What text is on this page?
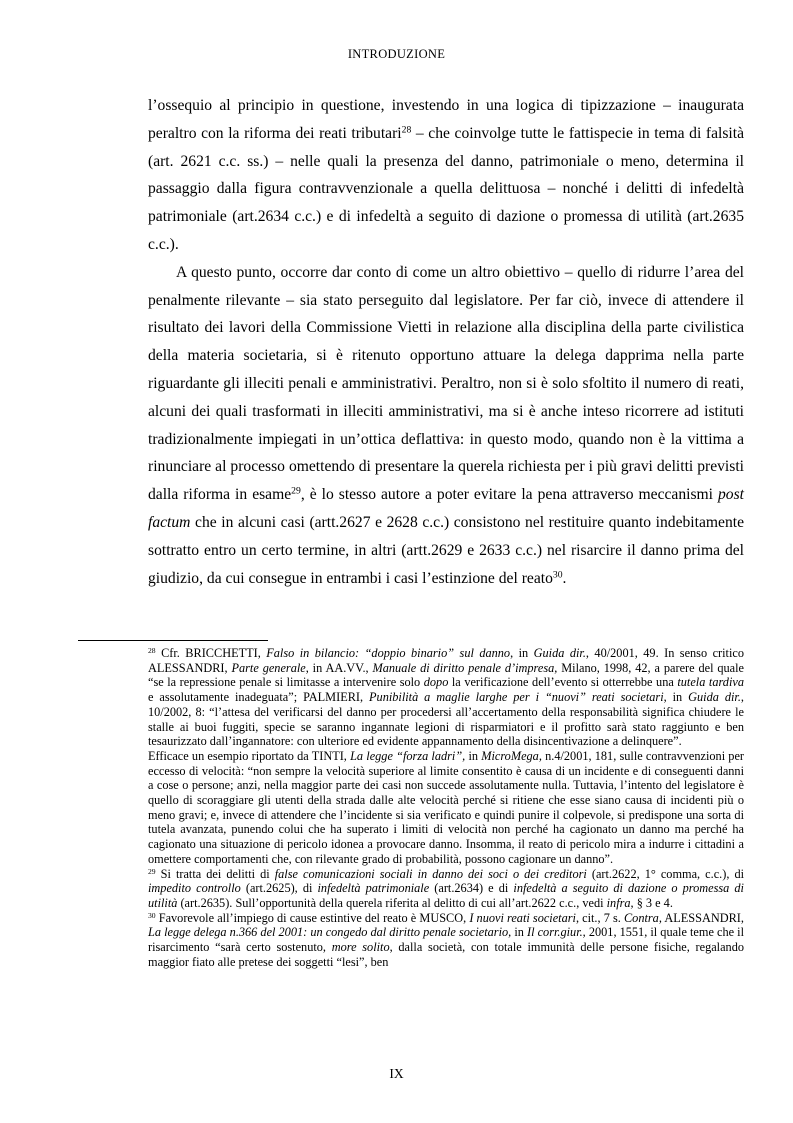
INTRODUZIONE

l’ossequio al principio in questione, investendo in una logica di tipizzazione – inaugurata peraltro con la riforma dei reati tributari$^{28}$ – che coinvolge tutte le fattispecie in tema di falsità (art. 2621 c.c. ss.) – nelle quali la presenza del danno, patrimoniale o meno, determina il passaggio dalla figura contravvenzionale a quella delittuosa – nonché i delitti di infedeltà patrimoniale (art.2634 c.c.) e di infedeltà a seguito di dazione o promessa di utilità (art.2635 c.c.).

A questo punto, occorre dar conto di come un altro obiettivo – quello di ridurre l’area del penalmente rilevante – sia stato perseguito dal legislatore. Per far ciò, invece di attendere il risultato dei lavori della Commissione Vietti in relazione alla disciplina della parte civilistica della materia societaria, si è ritenuto opportuno attuare la delega dapprima nella parte riguardante gli illeciti penali e amministrativi. Peraltro, non si è solo sfoltito il numero di reati, alcuni dei quali trasformati in illeciti amministrativi, ma si è anche inteso ricorrere ad istituti tradizionalmente impiegati in un’ottica deflattiva: in questo modo, quando non è la vittima a rinunciare al processo omettendo di presentare la querela richiesta per i più gravi delitti previsti dalla riforma in esame$^{29}$, è lo stesso autore a poter evitare la pena attraverso meccanismi post factum che in alcuni casi (artt.2627 e 2628 c.c.) consistono nel restituire quanto indebitamente sottratto entro un certo termine, in altri (artt.2629 e 2633 c.c.) nel risarcire il danno prima del giudizio, da cui consegue in entrambi i casi l’estinzione del reato$^{30}$.

$^{28}$ Cfr. BRICCHETTI, Falso in bilancio: “doppio binario” sul danno, in Guida dir., 40/2001, 49. In senso critico ALESSANDRI, Parte generale, in AA.VV., Manuale di diritto penale d’impresa, Milano, 1998, 42, a parere del quale “se la repressione penale si limitasse a intervenire solo dopo la verificazione dell’evento si otterrebbe una tutela tardiva e assolutamente inadeguata”; PALMIERI, Punibilità a maglie larghe per i “nuovi” reati societari, in Guida dir., 10/2002, 8: “l’attesa del verificarsi del danno per procedersi all’accertamento della responsabilità significa chiudere le stalle ai buoi fuggiti, specie se saranno ingannate legioni di risparmiatori e il profitto sarà stato raggiunto e ben tesaurizzato dall’ingannatore: con ulteriore ed evidente appannamento della disincentivazione a delinquere”.

Efficace un esempio riportato da TINTI, La legge “forza ladri”, in MicroMega, n.4/2001, 181, sulle contravvenzioni per eccesso di velocità: “non sempre la velocità superiore al limite consentito è causa di un incidente e di conseguenti danni a cose o persone; anzi, nella maggior parte dei casi non succede assolutamente nulla. Tuttavia, l’intento del legislatore è quello di scoraggiare gli utenti della strada dalle alte velocità perché si ritiene che esse siano causa di incidenti più o meno gravi; e, invece di attendere che l’incidente si sia verificato e quindi punire il colpevole, si predispone una sorta di tutela avanzata, punendo colui che ha superato i limiti di velocità non perché ha cagionato un danno ma perché ha cagionato una situazione di pericolo idonea a provocare danno. Insomma, il reato di pericolo mira a indurre i cittadini a omettere comportamenti che, con rilevante grado di probabilità, possono cagionare un danno”.

$^{29}$ Si tratta dei delitti di false comunicazioni sociali in danno dei soci o dei creditori (art.2622, 1° comma, c.c.), di impedito controllo (art.2625), di infedeltà patrimoniale (art.2634) e di infedeltà a seguito di dazione o promessa di utilità (art.2635). Sull’opportunità della querela riferita al delitto di cui all’art.2622 c.c., vedi infra, § 3 e 4.

$^{30}$ Favorevole all’impiego di cause estintive del reato è MUSCO, I nuovi reati societari, cit., 7 s. Contra, ALESSANDRI, La legge delega n.366 del 2001: un congedo dal diritto penale societario, in Il corr.giur., 2001, 1551, il quale teme che il risarcimento “sarà certo sostenuto, more solito, dalla società, con totale immunità delle persone fisiche, regalando maggior fiato alle pretese dei soggetti “lesi”, ben

IX
